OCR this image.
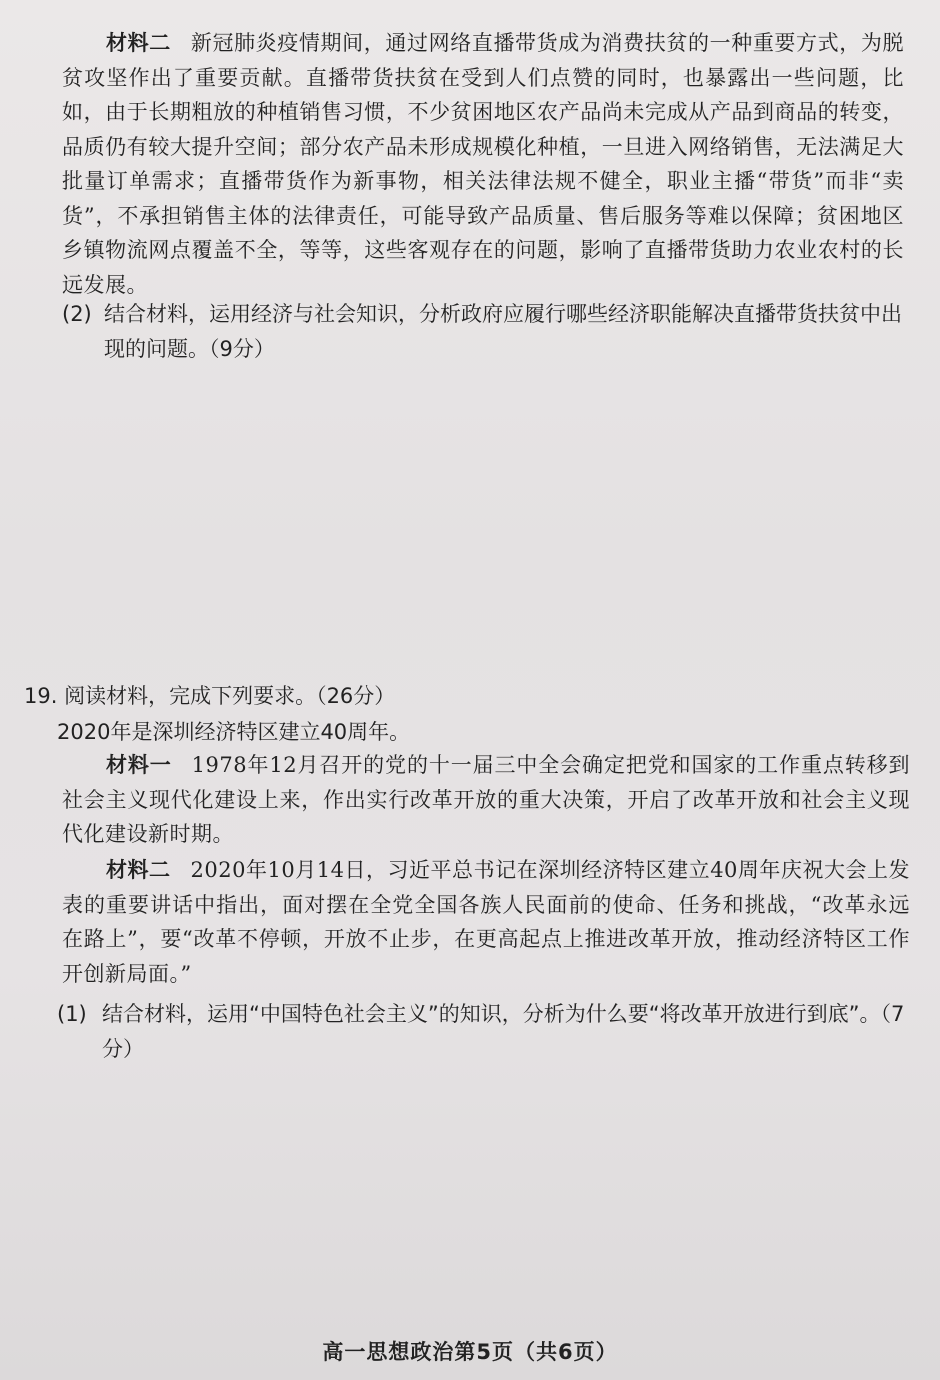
材料二 新冠肺炎疫情期间，通过网络直播带货成为消费扶贫的一种重要方式，为脱贫攻坚作出了重要贡献。直播带货扶贫在受到人们点赞的同时，也暴露出一些问题，比如，由于长期粗放的种植销售习惯，不少贫困地区农产品尚未完成从产品到商品的转变，品质仍有较大提升空间；部分农产品未形成规模化种植，一旦进入网络销售，无法满足大批量订单需求；直播带货作为新事物，相关法律法规不健全，职业主播“带货”而非“卖货”，不承担销售主体的法律责任，可能导致产品质量、售后服务等难以保障；贫困地区乡镇物流网点覆盖不全，等等，这些客观存在的问题，影响了直播带货助力农业农村的长远发展。

(2) 结合材料，运用经济与社会知识，分析政府应履行哪些经济职能解决直播带货扶贫中出现的问题。（9分）

19. 阅读材料，完成下列要求。（26分）

2020年是深圳经济特区建立40周年。

材料一 1978年12月召开的党的十一届三中全会确定把党和国家的工作重点转移到社会主义现代化建设上来，作出实行改革开放的重大决策，开启了改革开放和社会主义现代化建设新时期。

材料二 2020年10月14日，习近平总书记在深圳经济特区建立40周年庆祝大会上发表的重要讲话中指出，面对摆在全党全国各族人民面前的使命、任务和挑战，“改革永远在路上”，要“改革不停顿，开放不止步，在更高起点上推进改革开放，推动经济特区工作开创新局面。”

(1) 结合材料，运用“中国特色社会主义”的知识，分析为什么要“将改革开放进行到底”。（7分）
高一思想政治第5页（共6页）
